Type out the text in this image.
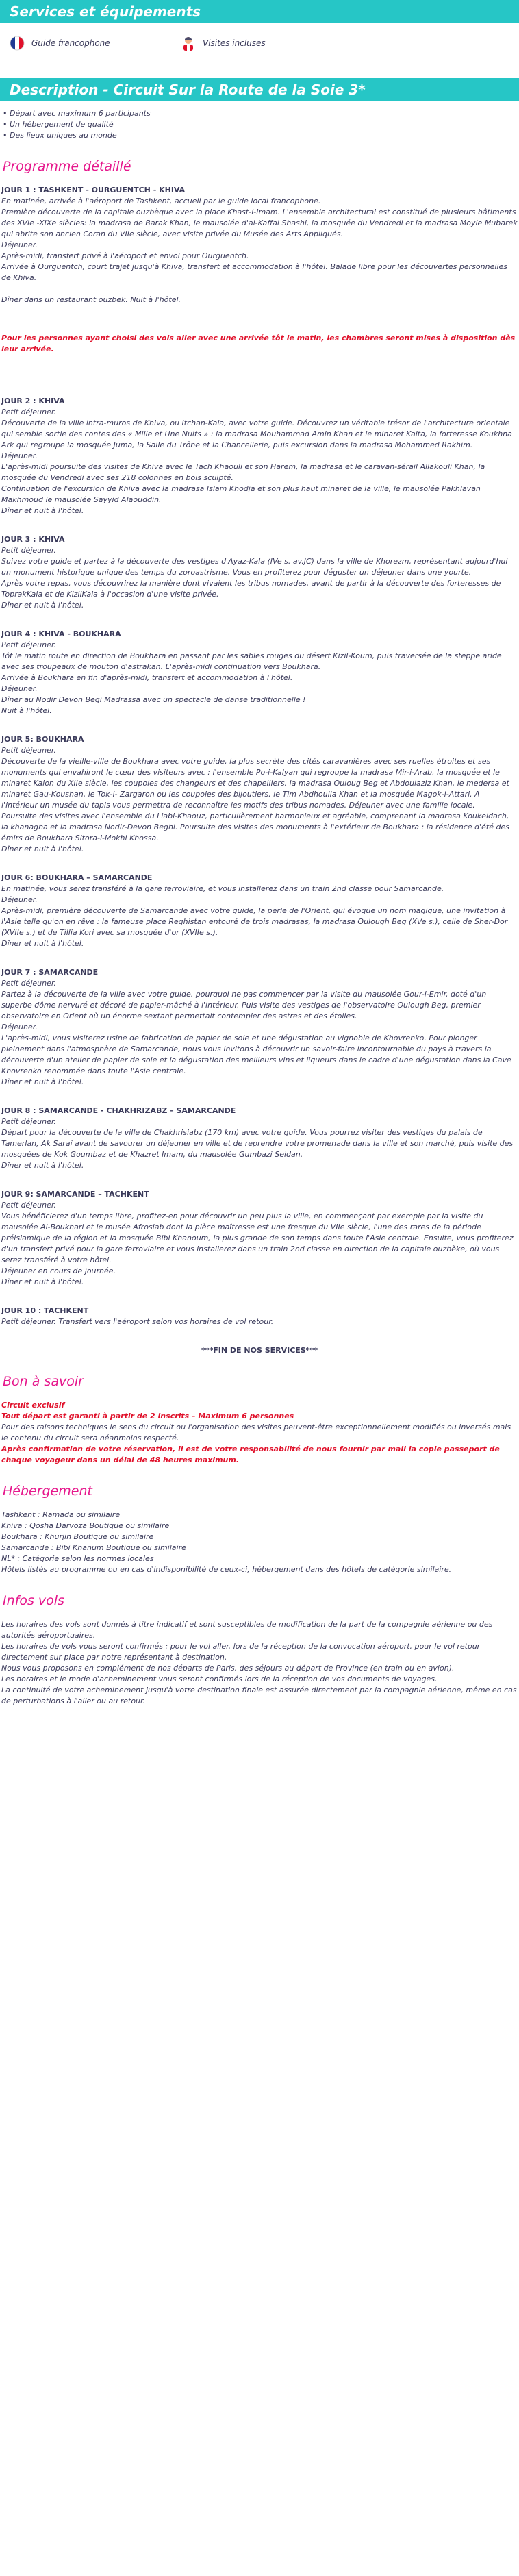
Services et équipements
Guide francophone	Visites incluses
Description - Circuit Sur la Route de la Soie 3*
• Départ avec maximum 6 participants
• Un hébergement de qualité
• Des lieux uniques au monde
Programme détaillé
JOUR 1 : TASHKENT - OURGUENTCH - KHIVA

En matinée, arrivée à l'aéroport de Tashkent, accueil par le guide local francophone.

Première découverte de la capitale ouzbèque avec la place Khast-i-Imam. L'ensemble architectural est constitué de plusieurs bâtiments des XVIe -XIXe siècles: la madrasa de Barak Khan, le mausolée d'al-Kaffal Shashi, la mosquée du Vendredi et la madrasa Moyie Mubarek qui abrite son ancien Coran du VIIe siècle, avec visite privée du Musée des Arts Appliqués.

Déjeuner.

Après-midi, transfert privé à l'aéroport et envol pour Ourguentch.

Arrivée à Ourguentch, court trajet jusqu'à Khiva, transfert et accommodation à l'hôtel. Balade libre pour les découvertes personnelles de Khiva.

Dîner dans un restaurant ouzbek. Nuit à l'hôtel.

Pour les personnes ayant choisi des vols aller avec une arrivée tôt le matin, les chambres seront mises à disposition dès leur arrivée.

JOUR 2 : KHIVA

Petit déjeuner.

Découverte de la ville intra-muros de Khiva, ou Itchan-Kala, avec votre guide. Découvrez un véritable trésor de l'architecture orientale qui semble sortie des contes des « Mille et Une Nuits » : la madrasa Mouhammad Amin Khan et le minaret Kalta, la forteresse Koukhna Ark qui regroupe la mosquée Juma, la Salle du Trône et la Chancellerie, puis excursion dans la madrasa Mohammed Rakhim.

Déjeuner.

L'après-midi poursuite des visites de Khiva avec le Tach Khaouli et son Harem, la madrasa et le caravan-sérail Allakouli Khan, la mosquée du Vendredi avec ses 218 colonnes en bois sculpté.

Continuation de l'excursion de Khiva avec la madrasa Islam Khodja et son plus haut minaret de la ville, le mausolée Pakhlavan Makhmoud le mausolée Sayyid Alaouddin.

Dîner et nuit à l'hôtel.

JOUR 3 : KHIVA

Petit déjeuner.

Suivez votre guide et partez à la découverte des vestiges d'Ayaz-Kala (IVe s. av.JC) dans la ville de Khorezm, représentant aujourd'hui un monument historique unique des temps du zoroastrisme. Vous en profiterez pour déguster un déjeuner dans une yourte.

Après votre repas, vous découvrirez la manière dont vivaient les tribus nomades, avant de partir à la découverte des forteresses de ToprakKala et de KizilKala à l'occasion d'une visite privée.

Dîner et nuit à l'hôtel.

JOUR 4 : KHIVA - BOUKHARA

Petit déjeuner.

Tôt le matin route en direction de Boukhara en passant par les sables rouges du désert Kizil-Koum, puis traversée de la steppe aride avec ses troupeaux de mouton d'astrakan. L'après-midi continuation vers Boukhara.

Arrivée à Boukhara en fin d'après-midi, transfert et accommodation à l'hôtel.

Déjeuner.

Dîner au Nodir Devon Begi Madrassa avec un spectacle de danse traditionnelle !

Nuit à l'hôtel.

JOUR 5: BOUKHARA

Petit déjeuner.

Découverte de la vieille-ville de Boukhara avec votre guide, la plus secrète des cités caravanières avec ses ruelles étroites et ses monuments qui envahiront le cœur des visiteurs avec : l'ensemble Po-i-Kalyan qui regroupe la madrasa Mir-i-Arab, la mosquée et le minaret Kalon du XIIe siècle, les coupoles des changeurs et des chapelliers, la madrasa Ouloug Beg et Abdoulaziz Khan, le medersa et minaret Gau-Koushan, le Tok-i- Zargaron ou les coupoles des bijoutiers, le Tim Abdhoulla Khan et la mosquée Magok-i-Attari. A l'intérieur un musée du tapis vous permettra de reconnaître les motifs des tribus nomades. Déjeuner avec une famille locale.

Poursuite des visites avec l'ensemble du Liabi-Khaouz, particulièrement harmonieux et agréable, comprenant la madrasa Koukeldach, la khanagha et la madrasa Nodir-Devon Beghi. Poursuite des visites des monuments à l'extérieur de Boukhara : la résidence d'été des émirs de Boukhara Sitora-i-Mokhi Khossa.

Dîner et nuit à l'hôtel.

JOUR 6: BOUKHARA – SAMARCANDE

En matinée, vous serez transféré à la gare ferroviaire, et vous installerez dans un train 2nd classe pour Samarcande.

Déjeuner.

Après-midi, première découverte de Samarcande avec votre guide, la perle de l'Orient, qui évoque un nom magique, une invitation à l'Asie telle qu'on en rêve : la fameuse place Reghistan entouré de trois madrasas, la madrasa Oulough Beg (XVe s.), celle de Sher-Dor (XVIIe s.) et de Tillia Kori avec sa mosquée d'or (XVIIe s.).

Dîner et nuit à l'hôtel.

JOUR 7 : SAMARCANDE

Petit déjeuner.

Partez à la découverte de la ville avec votre guide, pourquoi ne pas commencer par la visite du mausolée Gour-i-Emir, doté d'un superbe dôme nervuré et décoré de papier-mâché à l'intérieur. Puis visite des vestiges de l'observatoire Oulough Beg, premier observatoire en Orient où un énorme sextant permettait contempler des astres et des étoiles.

Déjeuner.

L'après-midi, vous visiterez usine de fabrication de papier de soie et une dégustation au vignoble de Khovrenko. Pour plonger pleinement dans l'atmosphère de Samarcande, nous vous invitons à découvrir un savoir-faire incontournable du pays à travers la découverte d'un atelier de papier de soie et la dégustation des meilleurs vins et liqueurs dans le cadre d'une dégustation dans la Cave Khovrenko renommée dans toute l'Asie centrale.

Dîner et nuit à l'hôtel.

JOUR 8 : SAMARCANDE - CHAKHRIZABZ – SAMARCANDE

Petit déjeuner.

Départ pour la découverte de la ville de Chakhrisiabz (170 km) avec votre guide. Vous pourrez visiter des vestiges du palais de Tamerlan, Ak Saraï avant de savourer un déjeuner en ville et de reprendre votre promenade dans la ville et son marché, puis visite des mosquées de Kok Goumbaz et de Khazret Imam, du mausolée Gumbazi Seidan.

Dîner et nuit à l'hôtel.

JOUR 9: SAMARCANDE – TACHKENT

Petit déjeuner.

Vous bénéficierez d'un temps libre, profitez-en pour découvrir un peu plus la ville, en commençant par exemple par la visite du mausolée Al-Boukhari et le musée Afrosiab dont la pièce maîtresse est une fresque du VIIe siècle, l'une des rares de la période préislamique de la région et la mosquée Bibi Khanoum, la plus grande de son temps dans toute l'Asie centrale. Ensuite, vous profiterez d'un transfert privé pour la gare ferroviaire et vous installerez dans un train 2nd classe en direction de la capitale ouzbèke, où vous serez transféré à votre hôtel.

Déjeuner en cours de journée.

Dîner et nuit à l'hôtel.

JOUR 10 : TACHKENT

Petit déjeuner. Transfert vers l'aéroport selon vos horaires de vol retour.

***FIN DE NOS SERVICES***

Bon à savoir

Circuit exclusif

Tout départ est garanti à partir de 2 inscrits – Maximum 6 personnes

Pour des raisons techniques le sens du circuit ou l'organisation des visites peuvent-être exceptionnellement modifiés ou inversés mais le contenu du circuit sera néanmoins respecté.

Après confirmation de votre réservation, il est de votre responsabilité de nous fournir par mail la copie passeport de chaque voyageur dans un délai de 48 heures maximum.

Hébergement

Tashkent : Ramada ou similaire

Khiva : Qosha Darvoza Boutique ou similaire

Boukhara : Khurjin Boutique ou similaire

Samarcande : Bibi Khanum Boutique ou similaire

NL* : Catégorie selon les normes locales

Hôtels listés au programme ou en cas d'indisponibilité de ceux-ci, hébergement dans des hôtels de catégorie similaire.

Infos vols

Les horaires des vols sont donnés à titre indicatif et sont susceptibles de modification de la part de la compagnie aérienne ou des autorités aéroportuaires.

Les horaires de vols vous seront confirmés : pour le vol aller, lors de la réception de la convocation aéroport, pour le vol retour directement sur place par notre représentant à destination.

Nous vous proposons en complément de nos départs de Paris, des séjours au départ de Province (en train ou en avion).

Les horaires et le mode d'acheminement vous seront confirmés lors de la réception de vos documents de voyages.

La continuité de votre acheminement jusqu'à votre destination finale est assurée directement par la compagnie aérienne, même en cas de perturbations à l'aller ou au retour.
